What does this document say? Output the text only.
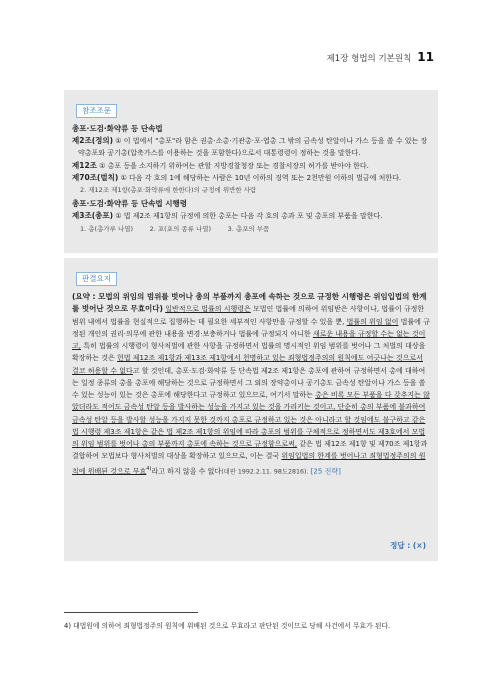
제1장 형법의 기본원칙 11
참조조문
총포·도검·화약류 등 단속법
제2조(정의) ① 이 법에서 "총포"라 함은 권총·소총·기관총·포·엽총 그 밖의 금속성 탄알이나 가스 등을 쏠 수 있는 장약총포와 공기총(압축가스를 이용하는 것을 포함한다)으로서 대통령령이 정하는 것을 말한다.
제12조 ① 총포 등을 소지하기 위하여는 관할 지방경찰청장 또는 경찰서장의 허가를 받아야 한다.
제70조(벌칙) ① 다음 각 호의 1에 해당하는 사람은 10년 이하의 징역 또는 2천만원 이하의 벌금에 처한다.
2. 제12조 제1항(총포·화약류에 한한다)의 규정에 위반한 사람
총포·도검·화약류 등 단속법 시행령
제3조(총포) ① 법 제2조 제1항의 규정에 의한 총포는 다음 각 호의 총과 포 및 총포의 부품을 말한다.
1. 총(총가루 나열)        2. 포(포의 종류 나열)        3. 총포의 부품
판결요지
(요약 : 모법의 위임의 범위를 벗어나 총의 부품까지 총포에 속하는 것으로 규정한 시행령은 위임입법의 한계를 벗어난 것으로 무효이다) 일반적으로 법률의 시행령은 모법인 법률에 의하여 위임받은 사항이나, 법률이 규정한 범위 내에서 법률을 현실적으로 집행하는 데 필요한 세부적인 사항만을 규정할 수 있을 뿐, 법률의 위임 없이 법률에 규정된 개인의 권리·의무에 관한 내용을 변경·보충하거나 법률에 규정되지 아니한 새로운 내용을 규정할 수는 없는 것이고, 특히 법률의 시행령이 형사처벌에 관한 사항을 규정하면서 법률의 명시적인 위임 범위를 벗어나 그 처벌의 대상을 확장하는 것은 헌법 제12조 제1항과 제13조 제1항에서 천명하고 있는 죄형법정주의의 원칙에도 어긋나는 것으로서 결코 허용할 수 없다고 할 것인데, 총포·도검·화약류 등 단속법 제2조 제1항은 총포에 관하여 규정하면서 총에 대하여는 일정 종류의 총을 총포에 해당하는 것으로 규정하면서 그 외의 장약총이나 공기총도 금속성 탄알이나 가스 등을 쏠 수 있는 성능이 있는 것은 총포에 해당한다고 규정하고 있으므로, 여기서 말하는 총은 비록 모든 부품을 다 갖추지는 않았더라도 적어도 금속성 탄알 등을 발사하는 성능을 가지고 있는 것을 가리키는 것이고, 단순히 총의 부품에 불과하여 금속성 탄알 등을 발사할 성능을 가지지 못한 것까지 총포로 규정하고 있는 것은 아니라고 할 것임에도 불구하고 같은 법 시행령 제3조 제1항은 같은 법 제2조 제1항의 위임에 따라 총포의 범위를 구체적으로 정하면서도 제3호에서 모법의 위임 범위를 벗어나 총의 부품까지 총포에 속하는 것으로 규정함으로써, 같은 법 제12조 제1항 및 제70조 제1항과 결합하여 모법보다 형사처벌의 대상을 확장하고 있으므로, 이는 결국 위임입법의 한계를 벗어나고 죄형법정주의의 원칙에 위배된 것으로 무효$^{4)}$라고 하지 않을 수 없다(대판 1992.2.11. 98도2816). [25 전략]
정답 : (×)
4) 대법원에 의하여 죄형법정주의 원칙에 위배된 것으로 무효라고 판단된 것이므로 당해 사건에서 무효가 된다.
